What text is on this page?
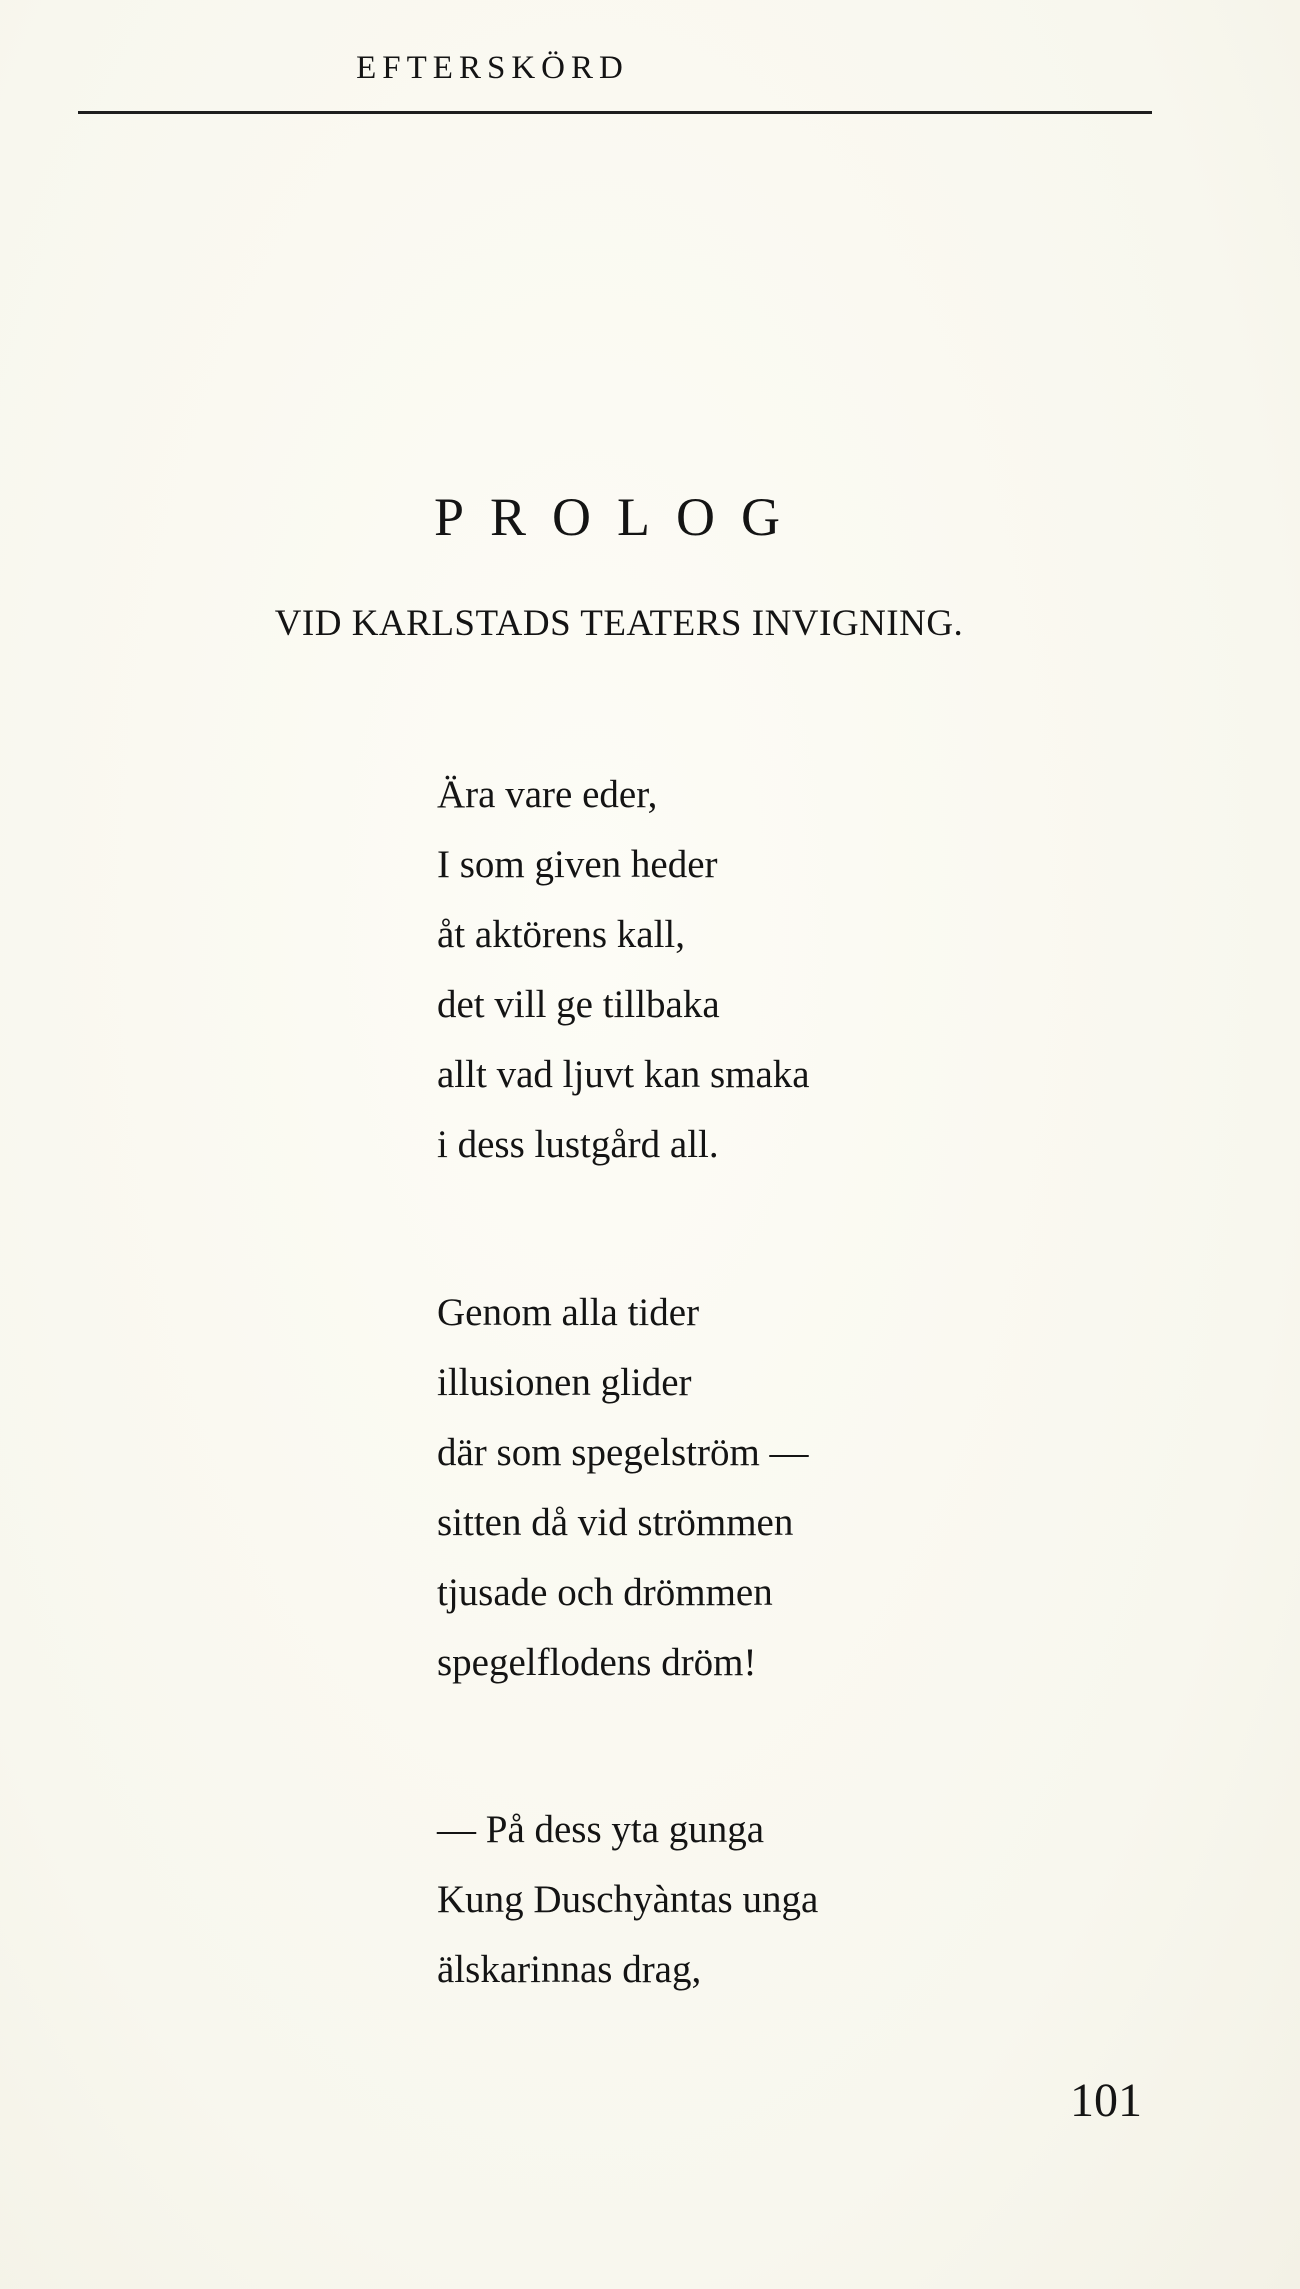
EFTERSKÖRD

PROLOG

VID KARLSTADS TEATERS INVIGNING.

Ära vare eder,
I som given heder
åt aktörens kall,
det vill ge tillbaka
allt vad ljuvt kan smaka
i dess lustgård all.
Genom alla tider
illusionen glider
där som spegelström —
sitten då vid strömmen
tjusade och drömmen
spegelflodens dröm!
— På dess yta gunga
Kung Duschyàntas unga
älskarinnas drag,

101
